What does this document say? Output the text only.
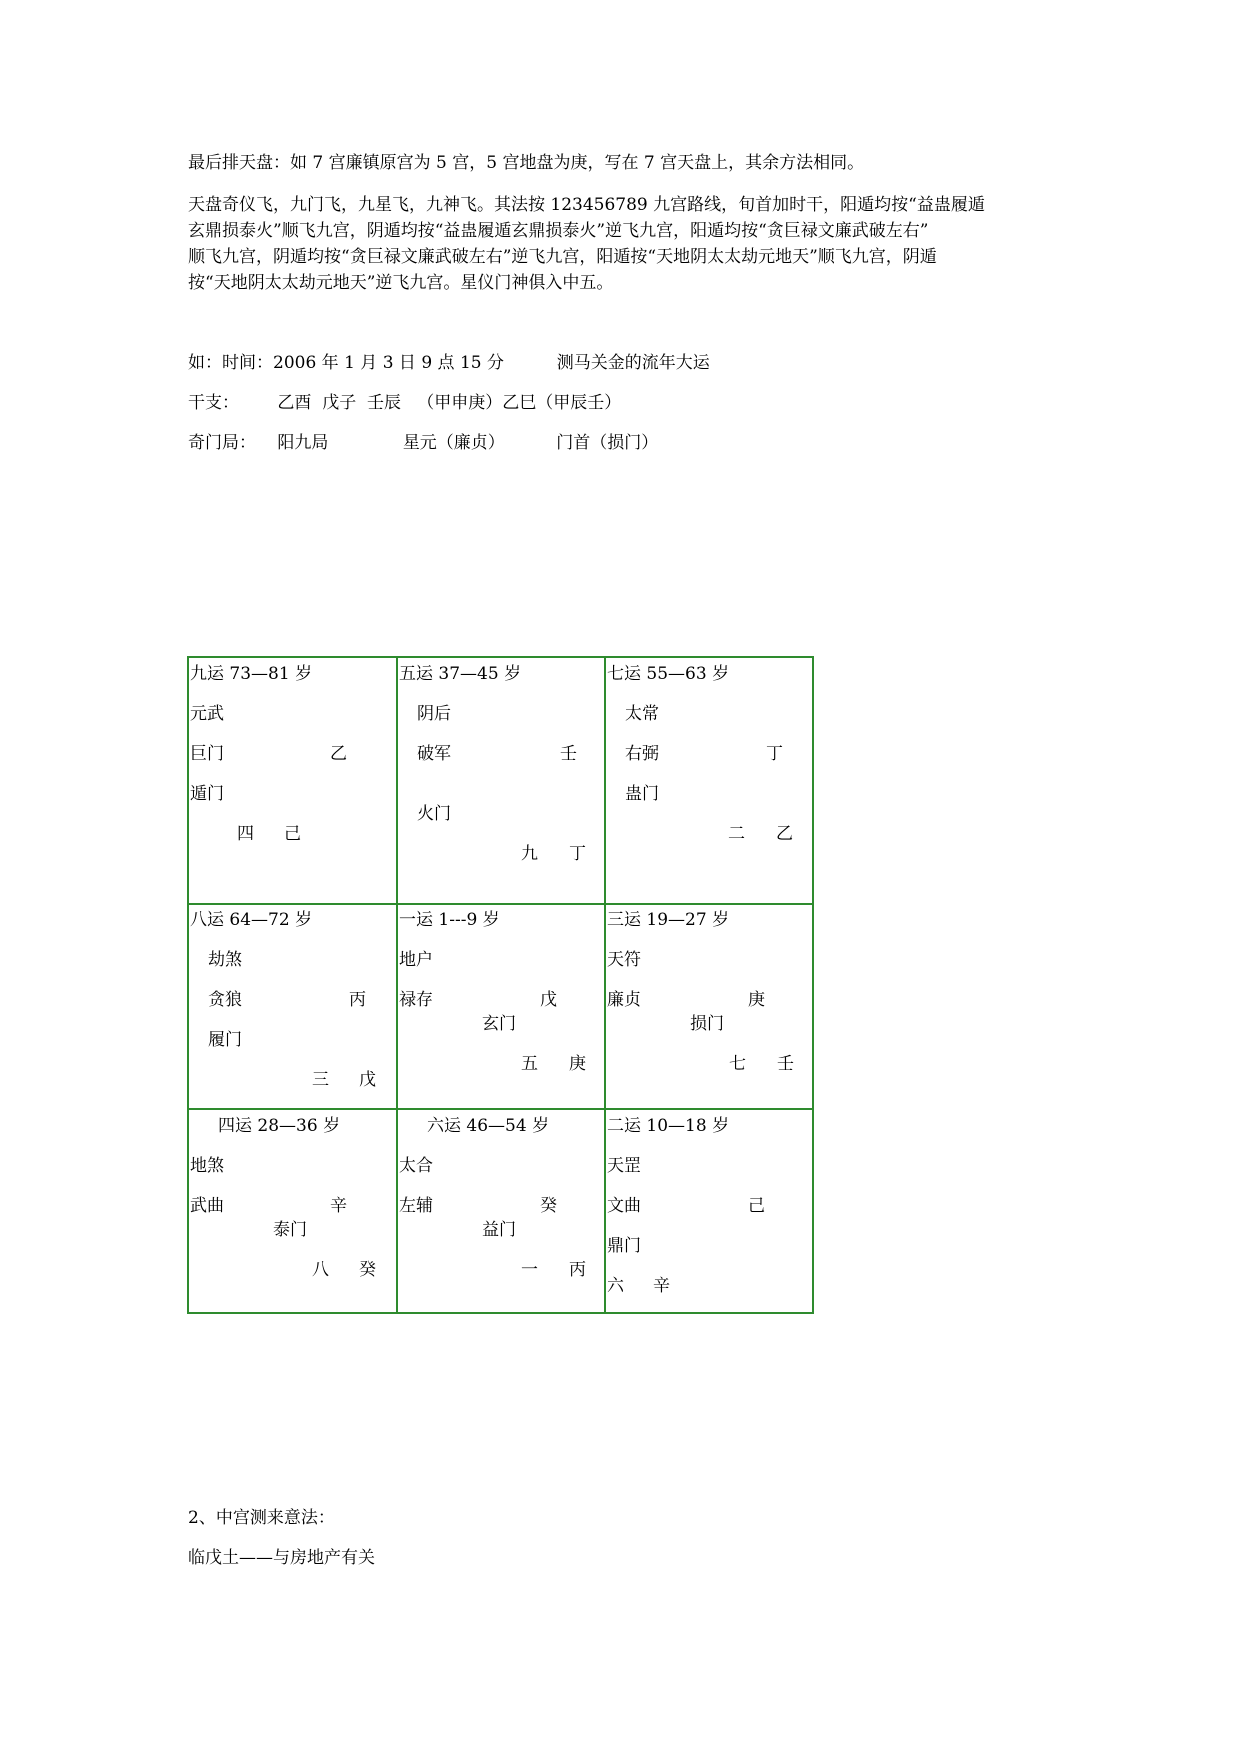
最后排天盘：如 7 宫廉镇原宫为 5 宫，5 宫地盘为庚，写在 7 宫天盘上，其余方法相同。

天盘奇仪飞，九门飞，九星飞，九神飞。其法按 123456789 九宫路线，旬首加时干，阳遁均按“益蛊履遁

玄鼎损泰火”顺飞九宫，阴遁均按“益蛊履遁玄鼎损泰火”逆飞九宫，阳遁均按“贪巨禄文廉武破左右”

顺飞九宫，阴遁均按“贪巨禄文廉武破左右”逆飞九宫，阳遁按“天地阴太太劫元地天”顺飞九宫，阴遁

按“天地阴太太劫元地天”逆飞九宫。星仪门神俱入中五。

如：时间：2006 年 1 月 3 日 9 点 15 分	测马关金的流年大运

干支： 乙酉  戊子  壬辰   （甲申庚）乙巳（甲辰壬）

奇门局： 阳九局	星元（廉贞）	门首（损门）

九运 73—81 岁
元武
巨门	乙
遁门
四 己
五运 37—45 岁
阴后
破军	壬
火门
九 丁
七运 55—63 岁
太常
右弼	丁
蛊门
二 乙
八运 64—72 岁
劫煞
贪狼	丙
履门
三 戊
一运 1---9 岁
地户
禄存	戊
玄门
五 庚
三运 19—27 岁
天符
廉贞	庚
损门
七 壬
四运 28—36 岁
地煞
武曲	辛
泰门
八 癸
六运 46—54 岁
太合
左辅	癸
益门
一 丙
二运 10—18 岁
天罡
文曲	己
鼎门
六 辛

2、中宫测来意法：

临戊土——与房地产有关
